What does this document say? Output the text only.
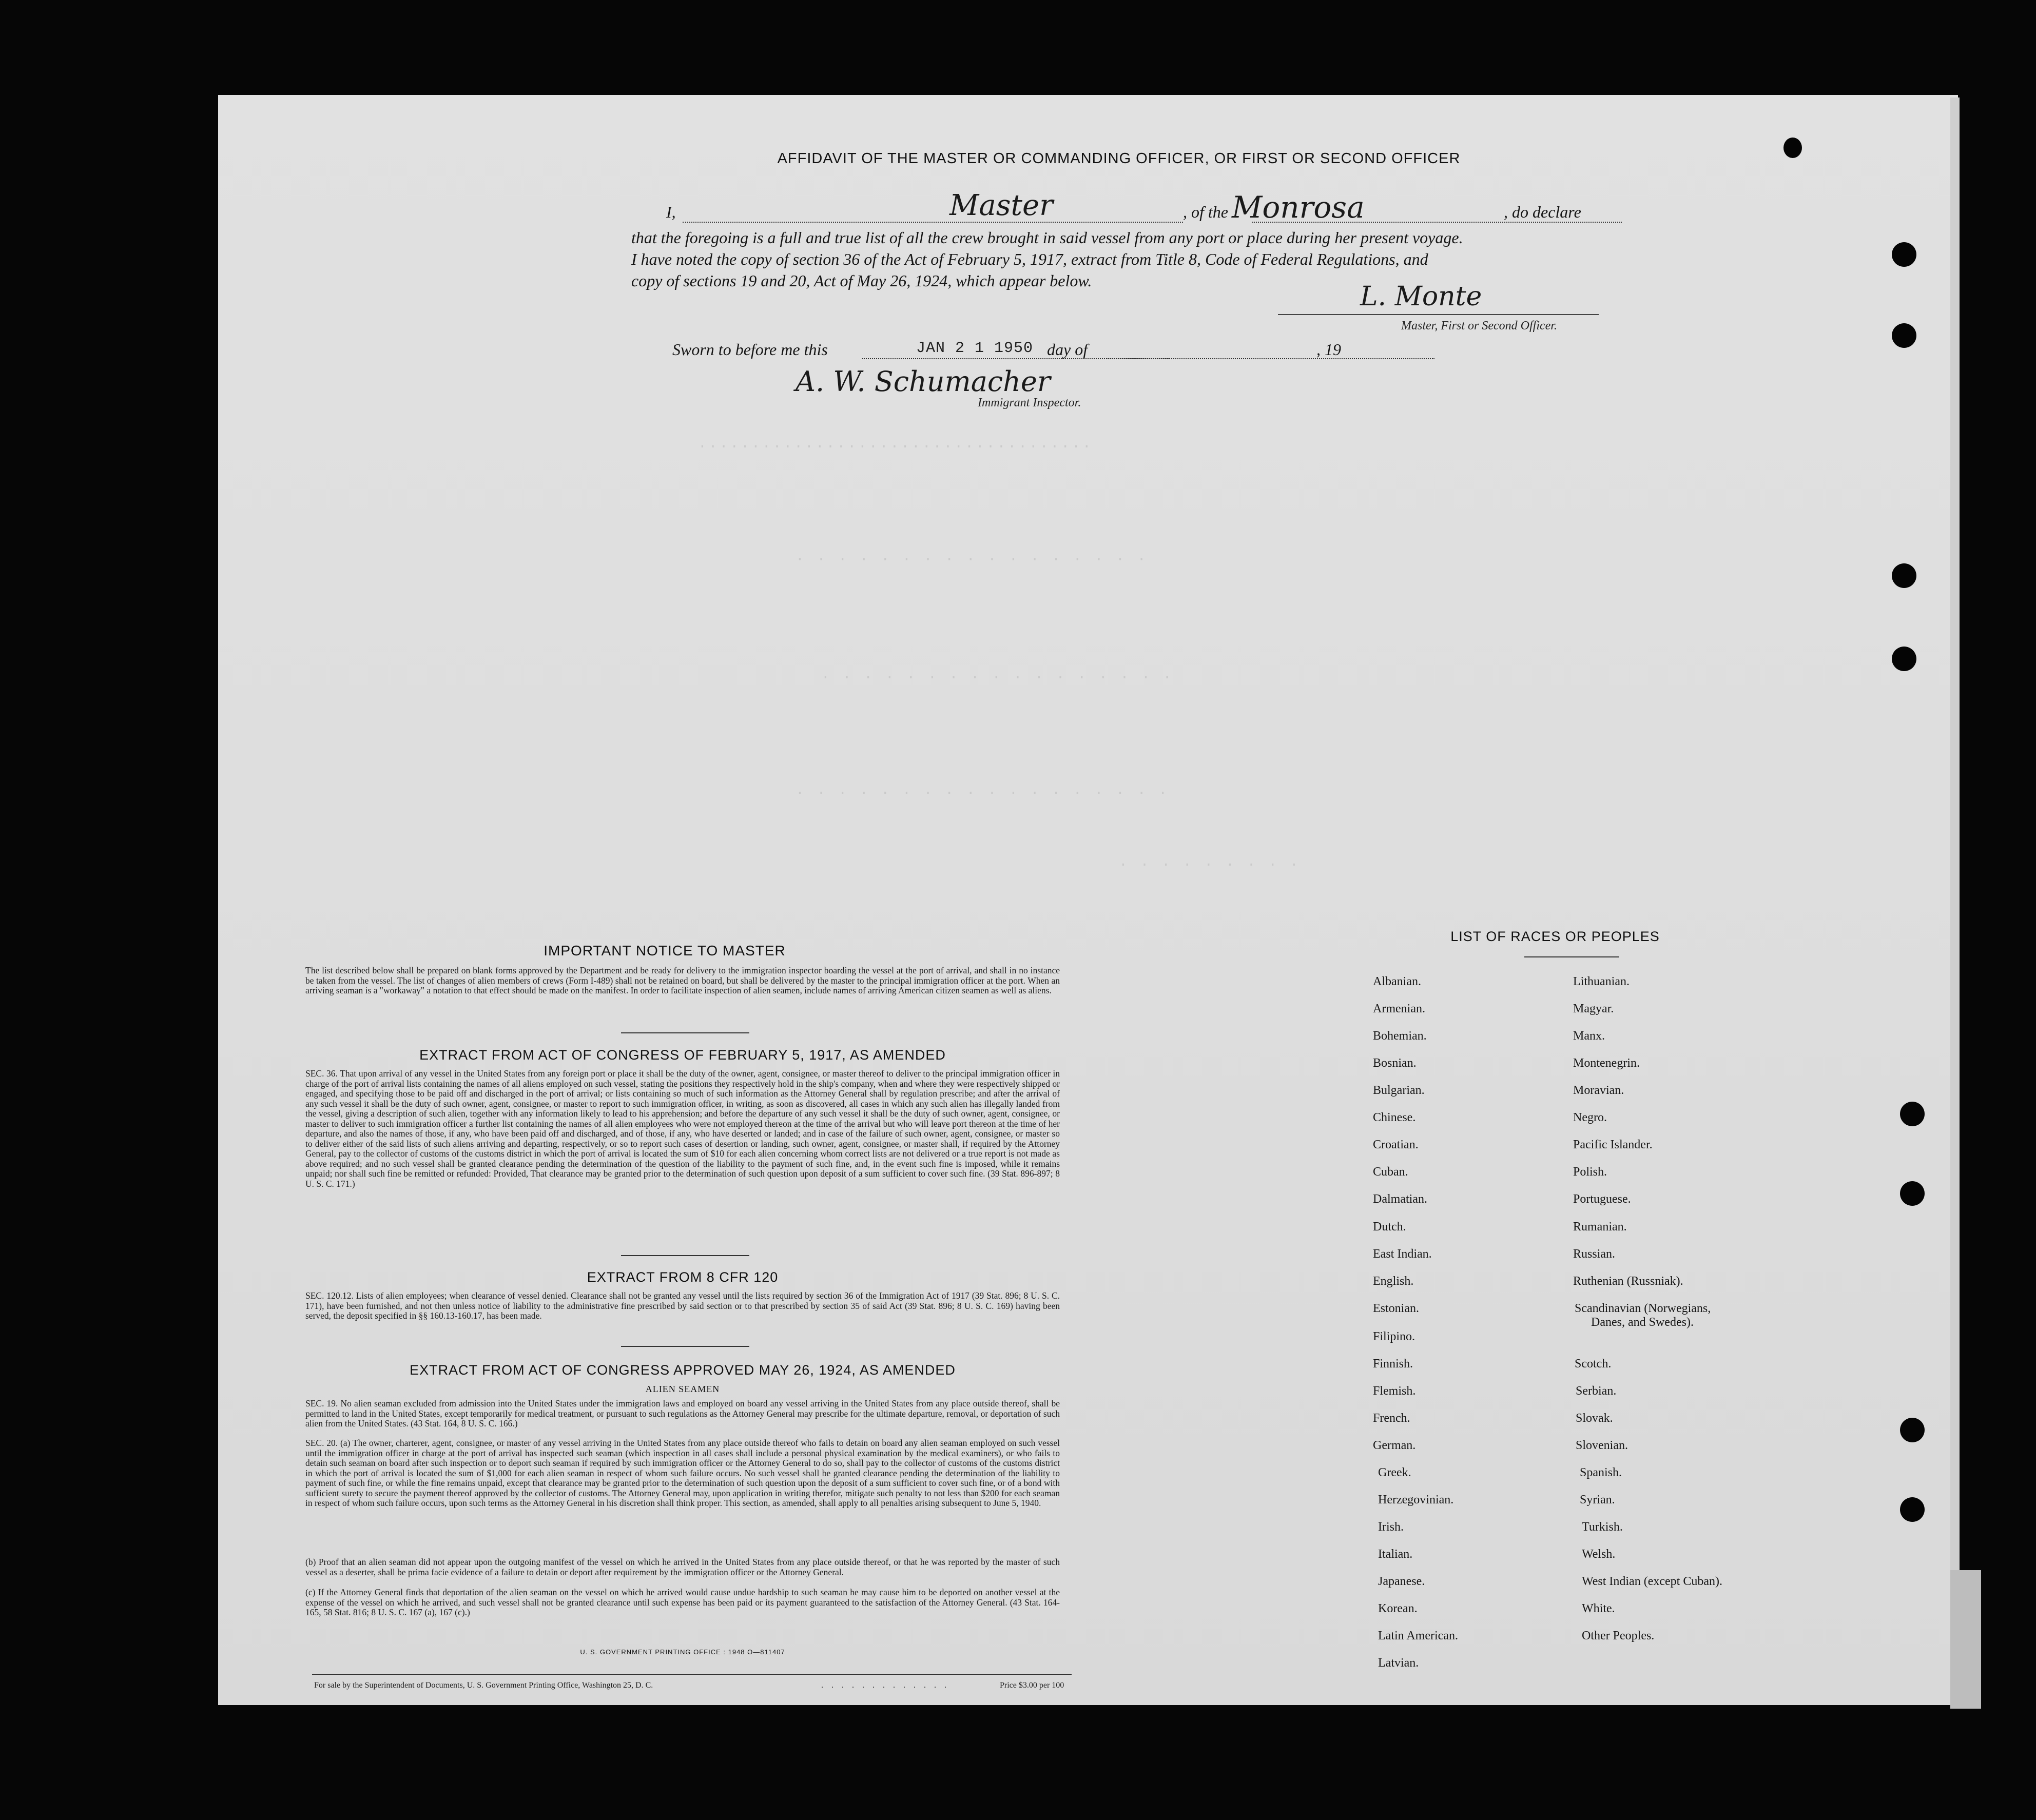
.....................................
. . . . . . . . . . . . . . . . .
. . . . . . . . . . . . . . . . .
. . . . . . . . . . . . . . . . . .
. . . . . . . . .
AFFIDAVIT OF THE MASTER OR COMMANDING OFFICER, OR FIRST OR SECOND OFFICER
I,	, of the	, do declare
Master	Monrosa
that the foregoing is a full and true list of all the crew brought in said vessel from any port or place during her present voyage.
I have noted the copy of section 36 of the Act of February 5, 1917, extract from Title 8, Code of Federal Regulations, and
copy of sections 19 and 20, Act of May 26, 1924, which appear below.
L. Monte
Master, First or Second Officer.
Sworn to before me this	day of	, 19
JAN 2 1 1950
A. W. Schumacher
Immigrant Inspector.
IMPORTANT NOTICE TO MASTER
The list described below shall be prepared on blank forms approved by the Department and be ready for delivery to the immigration inspector boarding the vessel at the port of arrival, and shall in no instance be taken from the vessel. The list of changes of alien members of crews (Form I-489) shall not be retained on board, but shall be delivered by the master to the principal immigration officer at the port. When an arriving seaman is a "workaway" a notation to that effect should be made on the manifest. In order to facilitate inspection of alien seamen, include names of arriving American citizen seamen as well as aliens.
EXTRACT FROM ACT OF CONGRESS OF FEBRUARY 5, 1917, AS AMENDED
SEC. 36. That upon arrival of any vessel in the United States from any foreign port or place it shall be the duty of the owner, agent, consignee, or master thereof to deliver to the principal immigration officer in charge of the port of arrival lists containing the names of all aliens employed on such vessel, stating the positions they respectively hold in the ship's company, when and where they were respectively shipped or engaged, and specifying those to be paid off and discharged in the port of arrival; or lists containing so much of such information as the Attorney General shall by regulation prescribe; and after the arrival of any such vessel it shall be the duty of such owner, agent, consignee, or master to report to such immigration officer, in writing, as soon as discovered, all cases in which any such alien has illegally landed from the vessel, giving a description of such alien, together with any information likely to lead to his apprehension; and before the departure of any such vessel it shall be the duty of such owner, agent, consignee, or master to deliver to such immigration officer a further list containing the names of all alien employees who were not employed thereon at the time of the arrival but who will leave port thereon at the time of her departure, and also the names of those, if any, who have been paid off and discharged, and of those, if any, who have deserted or landed; and in case of the failure of such owner, agent, consignee, or master so to deliver either of the said lists of such aliens arriving and departing, respectively, or so to report such cases of desertion or landing, such owner, agent, consignee, or master shall, if required by the Attorney General, pay to the collector of customs of the customs district in which the port of arrival is located the sum of $10 for each alien concerning whom correct lists are not delivered or a true report is not made as above required; and no such vessel shall be granted clearance pending the determination of the question of the liability to the payment of such fine, and, in the event such fine is imposed, while it remains unpaid; nor shall such fine be remitted or refunded: Provided, That clearance may be granted prior to the determination of such question upon deposit of a sum sufficient to cover such fine. (39 Stat. 896-897; 8 U. S. C. 171.)
EXTRACT FROM 8 CFR 120
SEC. 120.12. Lists of alien employees; when clearance of vessel denied. Clearance shall not be granted any vessel until the lists required by section 36 of the Immigration Act of 1917 (39 Stat. 896; 8 U. S. C. 171), have been furnished, and not then unless notice of liability to the administrative fine prescribed by said section or to that prescribed by section 35 of said Act (39 Stat. 896; 8 U. S. C. 169) having been served, the deposit specified in §§ 160.13-160.17, has been made.
EXTRACT FROM ACT OF CONGRESS APPROVED MAY 26, 1924, AS AMENDED
ALIEN SEAMEN
SEC. 19. No alien seaman excluded from admission into the United States under the immigration laws and employed on board any vessel arriving in the United States from any place outside thereof, shall be permitted to land in the United States, except temporarily for medical treatment, or pursuant to such regulations as the Attorney General may prescribe for the ultimate departure, removal, or deportation of such alien from the United States. (43 Stat. 164, 8 U. S. C. 166.)
SEC. 20. (a) The owner, charterer, agent, consignee, or master of any vessel arriving in the United States from any place outside thereof who fails to detain on board any alien seaman employed on such vessel until the immigration officer in charge at the port of arrival has inspected such seaman (which inspection in all cases shall include a personal physical examination by the medical examiners), or who fails to detain such seaman on board after such inspection or to deport such seaman if required by such immigration officer or the Attorney General to do so, shall pay to the collector of customs of the customs district in which the port of arrival is located the sum of $1,000 for each alien seaman in respect of whom such failure occurs. No such vessel shall be granted clearance pending the determination of the liability to payment of such fine, or while the fine remains unpaid, except that clearance may be granted prior to the determination of such question upon the deposit of a sum sufficient to cover such fine, or of a bond with sufficient surety to secure the payment thereof approved by the collector of customs. The Attorney General may, upon application in writing therefor, mitigate such penalty to not less than $200 for each seaman in respect of whom such failure occurs, upon such terms as the Attorney General in his discretion shall think proper. This section, as amended, shall apply to all penalties arising subsequent to June 5, 1940.
(b) Proof that an alien seaman did not appear upon the outgoing manifest of the vessel on which he arrived in the United States from any place outside thereof, or that he was reported by the master of such vessel as a deserter, shall be prima facie evidence of a failure to detain or deport after requirement by the immigration officer or the Attorney General.
(c) If the Attorney General finds that deportation of the alien seaman on the vessel on which he arrived would cause undue hardship to such seaman he may cause him to be deported on another vessel at the expense of the vessel on which he arrived, and such vessel shall not be granted clearance until such expense has been paid or its payment guaranteed to the satisfaction of the Attorney General. (43 Stat. 164-165, 58 Stat. 816; 8 U. S. C. 167 (a), 167 (c).)
U. S. GOVERNMENT PRINTING OFFICE : 1948 O—811407
For sale by the Superintendent of Documents, U. S. Government Printing Office, Washington 25, D. C.	. . . . . . . . . . . . .	Price $3.00 per 100
LIST OF RACES OR PEOPLES
Albanian.
Armenian.
Bohemian.
Bosnian.
Bulgarian.
Chinese.
Croatian.
Cuban.
Dalmatian.
Dutch.
East Indian.
English.
Estonian.
Filipino.
Finnish.
Flemish.
French.
German.
Greek.
Herzegovinian.
Irish.
Italian.
Japanese.
Korean.
Latin American.
Latvian.
Lithuanian.
Magyar.
Manx.
Montenegrin.
Moravian.
Negro.
Pacific Islander.
Polish.
Portuguese.
Rumanian.
Russian.
Ruthenian (Russniak).
Scandinavian (Norwegians,
Danes, and Swedes).
Scotch.
Serbian.
Slovak.
Slovenian.
Spanish.
Syrian.
Turkish.
Welsh.
West Indian (except Cuban).
White.
Other Peoples.
